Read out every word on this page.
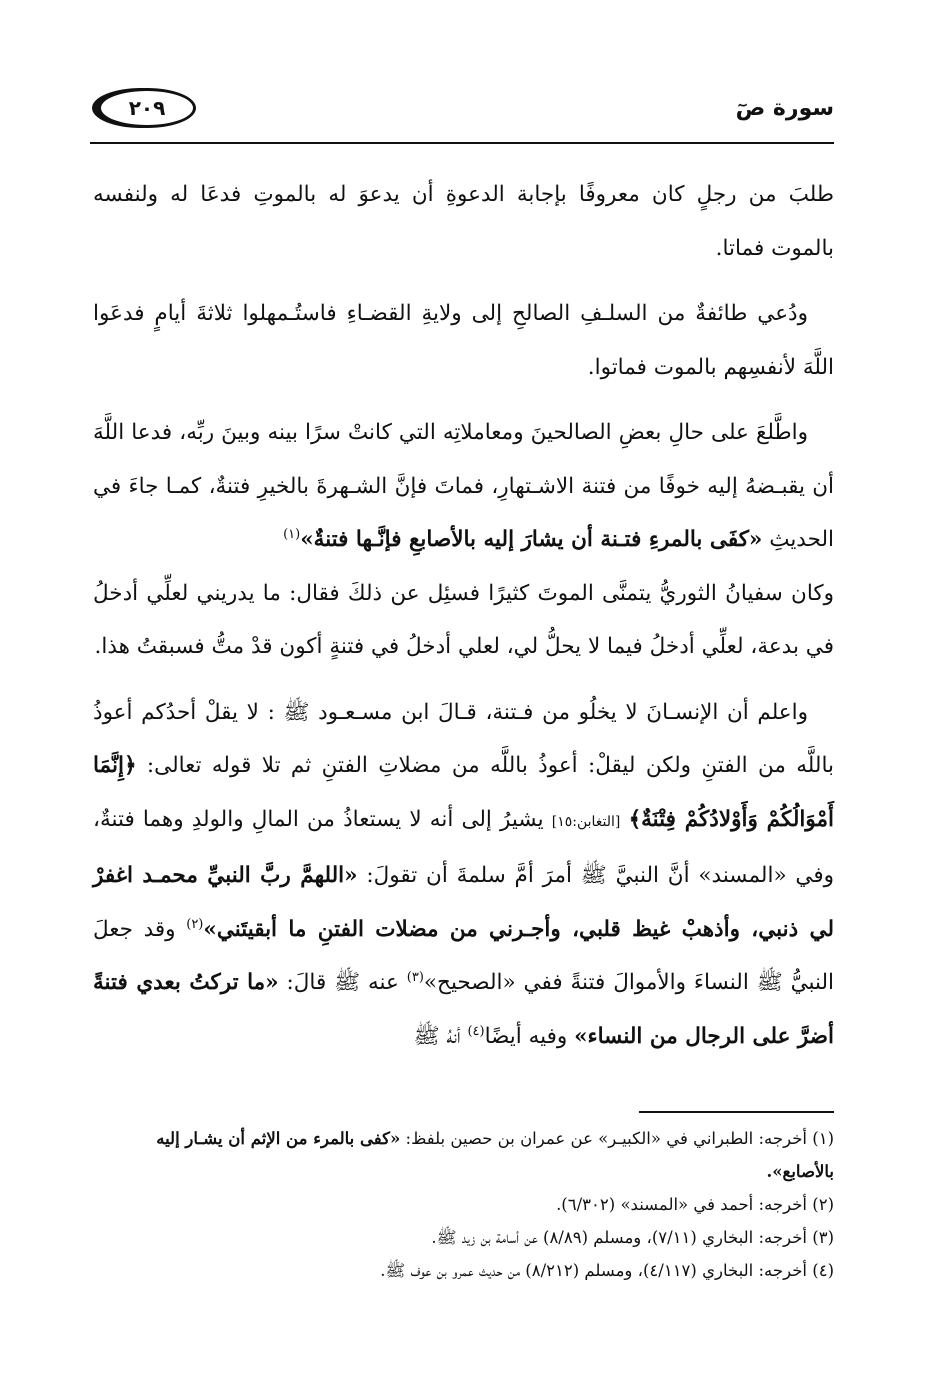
٢٠٩	سورة صٓ

طلبَ من رجلٍ كان معروفًا بإجابة الدعوةِ أن يدعوَ له بالموتِ فدعَا له ولنفسه بالموت فماتا.

ودُعي طائفةٌ من السلـفِ الصالحِ إلى ولايةِ القضـاءِ فاستُـمهلوا ثلاثةَ أيامٍ فدعَوا اللَّهَ لأنفسِهم بالموت فماتوا.

واطَّلعَ على حالِ بعضِ الصالحينَ ومعاملاتِه التي كانتْ سرًا بينه وبينَ ربِّه، فدعا اللَّهَ أن يقبـضهُ إليه خوفًا من فتنة الاشـتهارِ، فماتَ فإنَّ الشـهرةَ بالخيرِ فتنةٌ، كمـا جاءَ في الحديثِ «كفَى بالمرءِ فتـنة أن يشارَ إليه بالأصابعِ فإنَّـها فتنةٌ»$^{(١)}$

وكان سفيانُ الثوريُّ يتمنَّى الموتَ كثيرًا فسئِل عن ذلكَ فقال: ما يدريني لعلِّي أدخلُ في بدعة، لعلِّي أدخلُ فيما لا يحلُّ لي، لعلي أدخلُ في فتنةٍ أكون قدْ متُّ فسبقتُ هذا.

واعلم أن الإنسـانَ لا يخلُو من فـتنة، قـالَ ابن مسـعـود ﷺ : لا يقلْ أحدُكم أعوذُ باللَّه من الفتنِ ولكن ليقلْ: أعوذُ باللَّه من مضلاتِ الفتنِ ثم تلا قوله تعالى: ﴿إِنَّمَا أَمْوَالُكُمْ وَأَوْلادُكُمْ فِتْنَةٌ﴾ [التغابن:١٥] يشيرُ إلى أنه لا يستعاذُ من المالِ والولدِ وهما فتنةٌ، وفي «المسند» أنَّ النبيَّ ﷺ أمرَ أمَّ سلمةَ أن تقولَ: «اللهمَّ ربَّ النبيِّ محمـد اغفرْ لي ذنبي، وأذهبْ غيظ قلبي، وأجـرني من مضلات الفتنِ ما أبقيتَني»$^{(٢)}$ وقد جعلَ النبيُّ ﷺ النساءَ والأموالَ فتنةً ففي «الصحيح»$^{(٣)}$ عنه ﷺ قالَ: «ما تركتُ بعدي فتنةً أضرَّ على الرجال من النساء» وفيه أيضًا$^{(٤)}$ أنهُ ﷺ

(١) أخرجه: الطبراني في «الكبيـر» عن عمران بن حصين بلفظ: «كفى بالمرء من الإثم أن يشـار إليه بالأصابع».

(٢) أخرجه: أحمد في «المسند» (٦/٣٠٢).

(٣) أخرجه: البخاري (٧/١١)، ومسلم (٨/٨٩) عن أسامة بن زيد ﷺ.

(٤) أخرجه: البخاري (٤/١١٧)، ومسلم (٨/٢١٢) من حديث عمرو بن عوف ﷺ.
